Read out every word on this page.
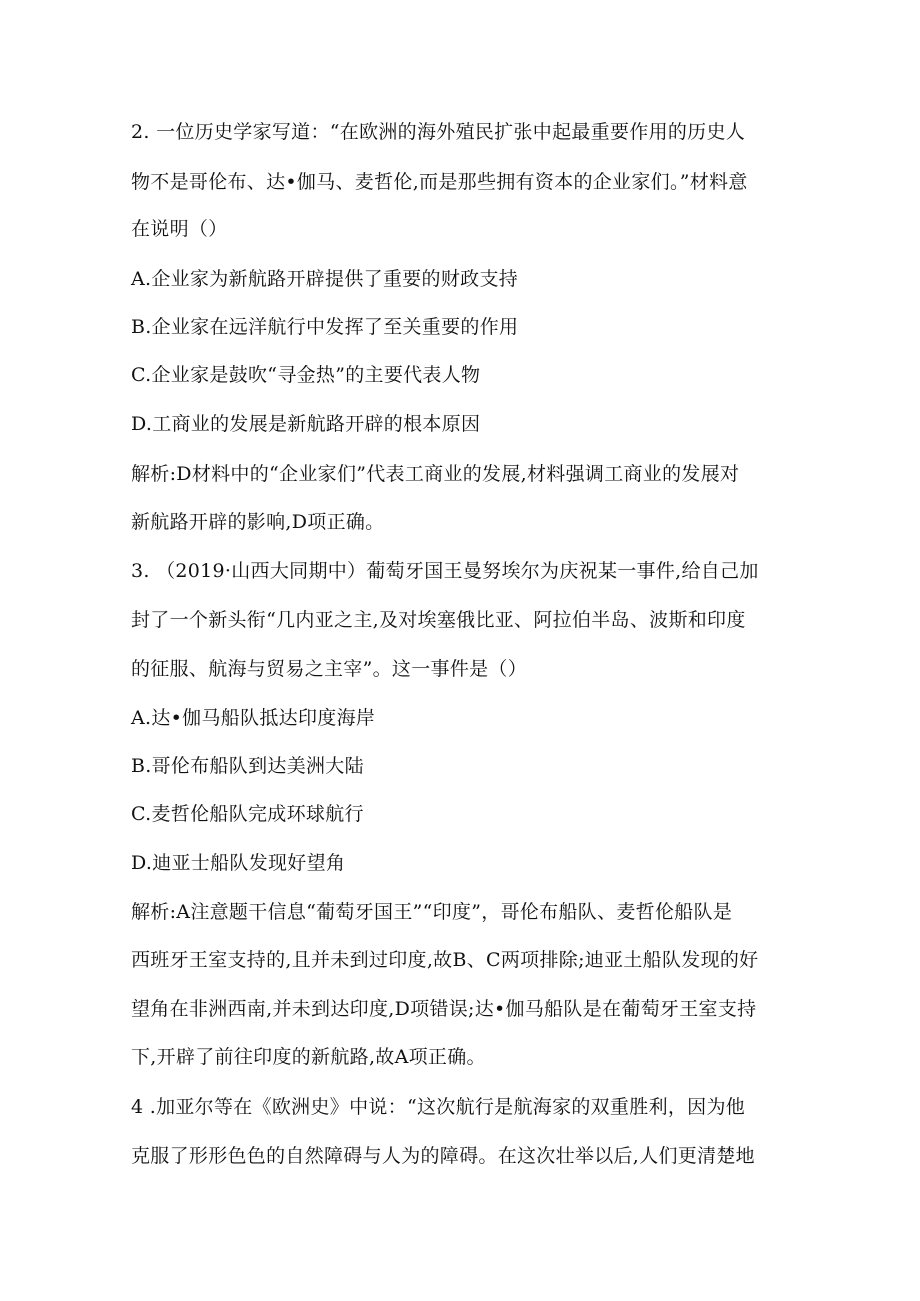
2. 一位历史学家写道：“在欧洲的海外殖民扩张中起最重要作用的历史人
物不是哥伦布、达•伽马、麦哲伦,而是那些拥有资本的企业家们。”材料意
在说明（）
A.企业家为新航路开辟提供了重要的财政支持
B.企业家在远洋航行中发挥了至关重要的作用
C.企业家是鼓吹“寻金热”的主要代表人物
D.工商业的发展是新航路开辟的根本原因
解析:D材料中的“企业家们”代表工商业的发展,材料强调工商业的发展对
新航路开辟的影响,D项正确。
3. （2019·山西大同期中）葡萄牙国王曼努埃尔为庆祝某一事件,给自己加
封了一个新头衔“几内亚之主,及对埃塞俄比亚、阿拉伯半岛、波斯和印度
的征服、航海与贸易之主宰”。这一事件是（）
A.达•伽马船队抵达印度海岸
B.哥伦布船队到达美洲大陆
C.麦哲伦船队完成环球航行
D.迪亚士船队发现好望角
解析:A注意题干信息“葡萄牙国王”“印度”，哥伦布船队、麦哲伦船队是
西班牙王室支持的,且并未到过印度,故B、C两项排除;迪亚土船队发现的好
望角在非洲西南,并未到达印度,D项错误;达•伽马船队是在葡萄牙王室支持
下,开辟了前往印度的新航路,故A项正确。
4 .加亚尔等在《欧洲史》中说：“这次航行是航海家的双重胜利，因为他
克服了形形色色的自然障碍与人为的障碍。在这次壮举以后,人们更清楚地
